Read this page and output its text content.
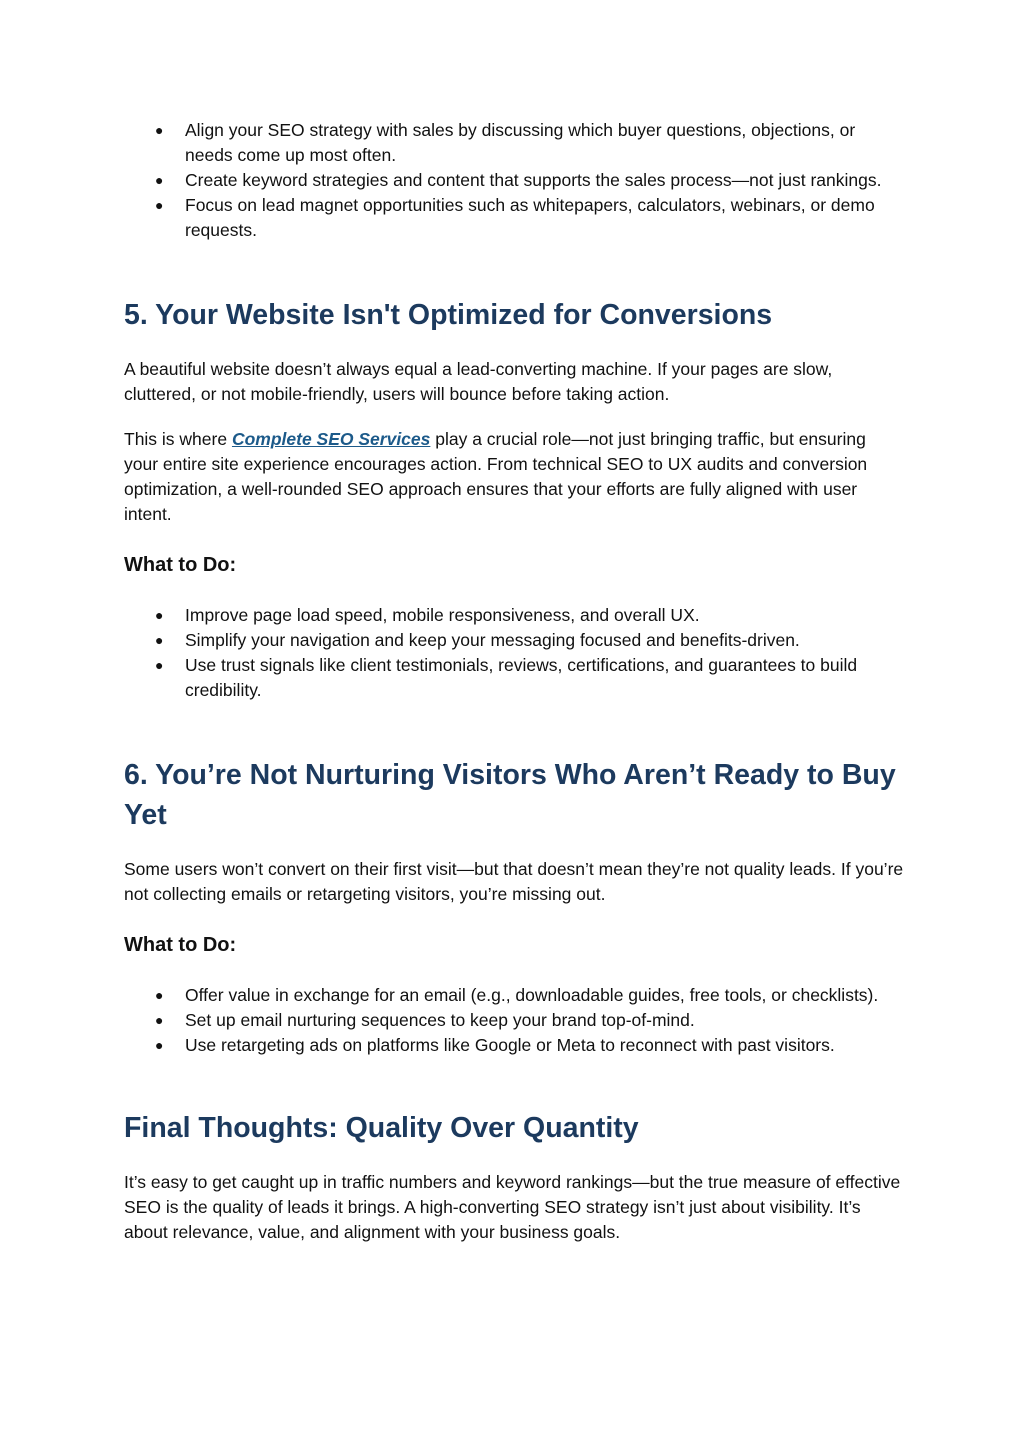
● Align your SEO strategy with sales by discussing which buyer questions, objections, or needs come up most often.
● Create keyword strategies and content that supports the sales process—not just rankings.
● Focus on lead magnet opportunities such as whitepapers, calculators, webinars, or demo requests.
5. Your Website Isn't Optimized for Conversions

A beautiful website doesn’t always equal a lead-converting machine. If your pages are slow, cluttered, or not mobile-friendly, users will bounce before taking action.

This is where Complete SEO Services play a crucial role—not just bringing traffic, but ensuring your entire site experience encourages action. From technical SEO to UX audits and conversion optimization, a well-rounded SEO approach ensures that your efforts are fully aligned with user intent.

What to Do:
● Improve page load speed, mobile responsiveness, and overall UX.
● Simplify your navigation and keep your messaging focused and benefits-driven.
● Use trust signals like client testimonials, reviews, certifications, and guarantees to build credibility.
6. You’re Not Nurturing Visitors Who Aren’t Ready to Buy Yet

Some users won’t convert on their first visit—but that doesn’t mean they’re not quality leads. If you’re not collecting emails or retargeting visitors, you’re missing out.

What to Do:
● Offer value in exchange for an email (e.g., downloadable guides, free tools, or checklists).
● Set up email nurturing sequences to keep your brand top-of-mind.
● Use retargeting ads on platforms like Google or Meta to reconnect with past visitors.
Final Thoughts: Quality Over Quantity

It’s easy to get caught up in traffic numbers and keyword rankings—but the true measure of effective SEO is the quality of leads it brings. A high-converting SEO strategy isn’t just about visibility. It’s about relevance, value, and alignment with your business goals.
